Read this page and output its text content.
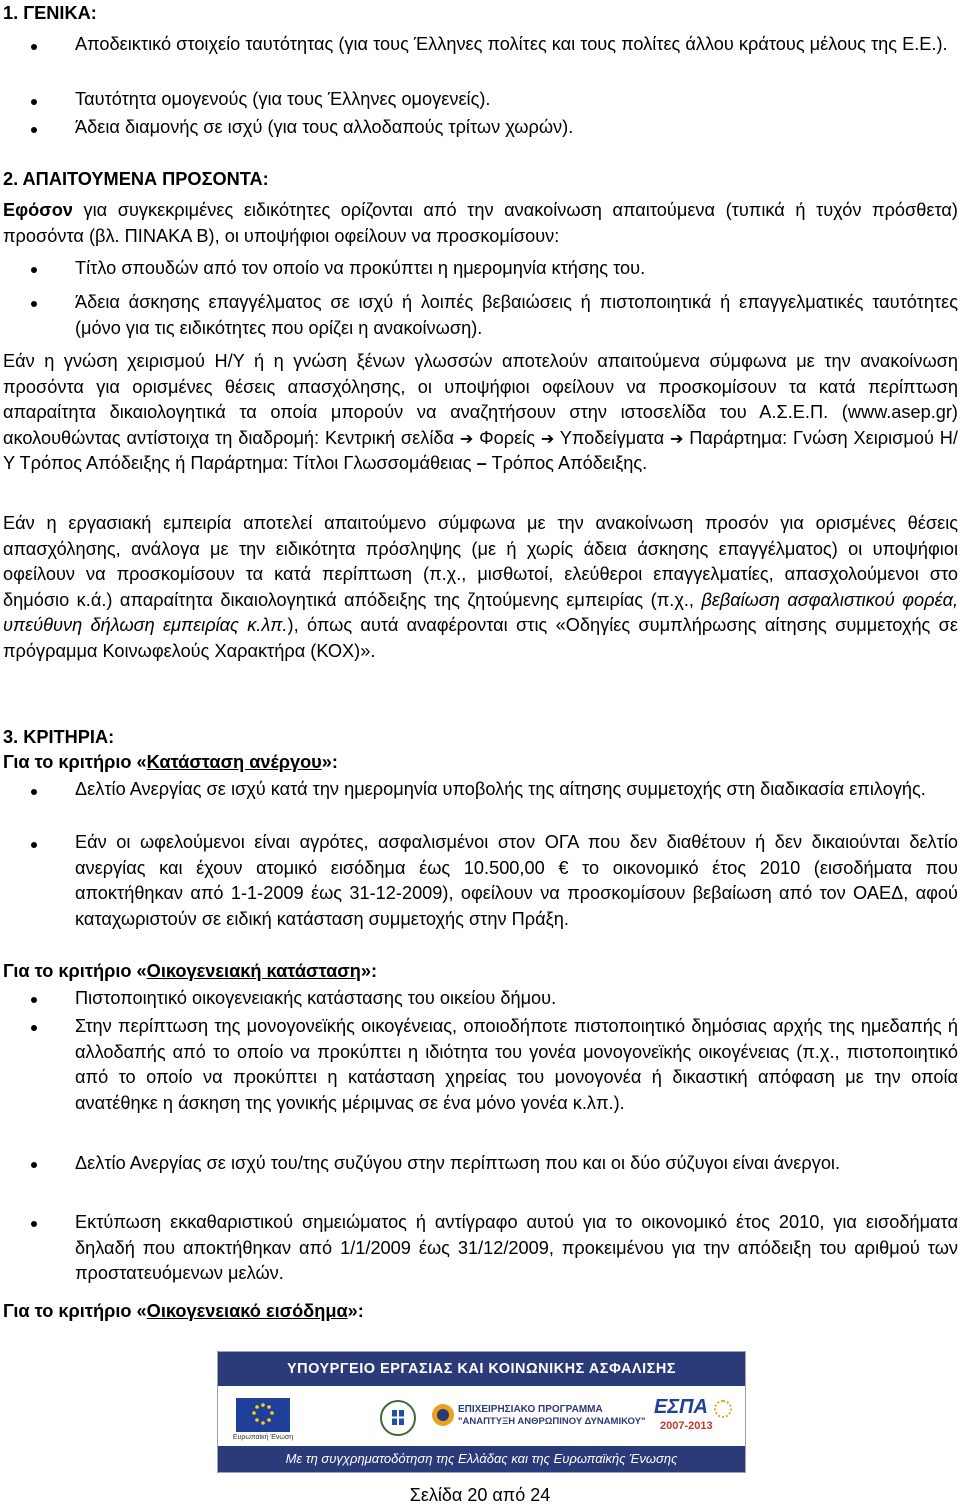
1. ΓΕΝΙΚΑ:
Αποδεικτικό στοιχείο ταυτότητας (για τους Έλληνες πολίτες και τους πολίτες άλλου κράτους μέλους της Ε.Ε.).
Ταυτότητα ομογενούς (για τους Έλληνες ομογενείς).
Άδεια διαμονής σε ισχύ (για τους αλλοδαπούς τρίτων χωρών).
2. ΑΠΑΙΤΟΥΜΕΝΑ ΠΡΟΣΟΝΤΑ:
Εφόσον για συγκεκριμένες ειδικότητες ορίζονται από την ανακοίνωση απαιτούμενα (τυπικά ή τυχόν πρόσθετα) προσόντα (βλ. ΠΙΝΑΚΑ Β), οι υποψήφιοι οφείλουν να προσκομίσουν:
Τίτλο σπουδών από τον οποίο να προκύπτει η ημερομηνία κτήσης του.
Άδεια άσκησης επαγγέλματος σε ισχύ ή λοιπές βεβαιώσεις ή πιστοποιητικά ή επαγγελματικές ταυτότητες (μόνο για τις ειδικότητες που ορίζει η ανακοίνωση).
Εάν η γνώση χειρισμού Η/Υ ή η γνώση ξένων γλωσσών αποτελούν απαιτούμενα σύμφωνα με την ανακοίνωση προσόντα για ορισμένες θέσεις απασχόλησης, οι υποψήφιοι οφείλουν να προσκομίσουν τα κατά περίπτωση απαραίτητα δικαιολογητικά τα οποία μπορούν να αναζητήσουν στην ιστοσελίδα του Α.Σ.Ε.Π. (www.asep.gr) ακολουθώντας αντίστοιχα τη διαδρομή: Κεντρική σελίδα ➔ Φορείς ➔ Υποδείγματα ➔ Παράρτημα: Γνώση Χειρισμού Η/Υ Τρόπος Απόδειξης ή Παράρτημα: Τίτλοι Γλωσσομάθειας – Τρόπος Απόδειξης.
Εάν η εργασιακή εμπειρία αποτελεί απαιτούμενο σύμφωνα με την ανακοίνωση προσόν για ορισμένες θέσεις απασχόλησης, ανάλογα με την ειδικότητα πρόσληψης (με ή χωρίς άδεια άσκησης επαγγέλματος) οι υποψήφιοι οφείλουν να προσκομίσουν τα κατά περίπτωση (π.χ., μισθωτοί, ελεύθεροι επαγγελματίες, απασχολούμενοι στο δημόσιο κ.ά.) απαραίτητα δικαιολογητικά απόδειξης της ζητούμενης εμπειρίας (π.χ., βεβαίωση ασφαλιστικού φορέα, υπεύθυνη δήλωση εμπειρίας κ.λπ.), όπως αυτά αναφέρονται στις «Οδηγίες συμπλήρωσης αίτησης συμμετοχής σε πρόγραμμα Κοινωφελούς Χαρακτήρα (ΚΟΧ)».
3. ΚΡΙΤΗΡΙΑ:
Για το κριτήριο «Κατάσταση ανέργου»:
Δελτίο Ανεργίας σε ισχύ κατά την ημερομηνία υποβολής της αίτησης συμμετοχής στη διαδικασία επιλογής.
Εάν οι ωφελούμενοι είναι αγρότες, ασφαλισμένοι στον ΟΓΑ που δεν διαθέτουν ή δεν δικαιούνται δελτίο ανεργίας και έχουν ατομικό εισόδημα έως 10.500,00 € το οικονομικό έτος 2010 (εισοδήματα που αποκτήθηκαν από 1-1-2009 έως 31-12-2009), οφείλουν να προσκομίσουν βεβαίωση από τον ΟΑΕΔ, αφού καταχωριστούν σε ειδική κατάσταση συμμετοχής στην Πράξη.
Για το κριτήριο «Οικογενειακή κατάσταση»:
Πιστοποιητικό οικογενειακής κατάστασης του οικείου δήμου.
Στην περίπτωση της μονογονεϊκής οικογένειας, οποιοδήποτε πιστοποιητικό δημόσιας αρχής της ημεδαπής ή αλλοδαπής από το οποίο να προκύπτει η ιδιότητα του γονέα μονογονεϊκής οικογένειας (π.χ., πιστοποιητικό από το οποίο να προκύπτει η κατάσταση χηρείας του μονογονέα ή δικαστική απόφαση με την οποία ανατέθηκε η άσκηση της γονικής μέριμνας σε ένα μόνο γονέα κ.λπ.).
Δελτίο Ανεργίας σε ισχύ του/της συζύγου στην περίπτωση που και οι δύο σύζυγοι είναι άνεργοι.
Εκτύπωση εκκαθαριστικού σημειώματος ή αντίγραφο αυτού για το οικονομικό έτος 2010, για εισοδήματα δηλαδή που αποκτήθηκαν από 1/1/2009 έως 31/12/2009, προκειμένου για την απόδειξη του αριθμού των προστατευόμενων μελών.
Για το κριτήριο «Οικογενειακό εισόδημα»:
ΥΠΟΥΡΓΕΙΟ ΕΡΓΑΣΙΑΣ ΚΑΙ ΚΟΙΝΩΝΙΚΗΣ ΑΣΦΑΛΙΣΗΣ
Ευρωπαϊκή Ένωση
ΕΠΙΧΕΙΡΗΣΙΑΚΟ ΠΡΟΓΡΑΜΜΑ
"ΑΝΑΠΤΥΞΗ ΑΝΘΡΩΠΙΝΟΥ ΔΥΝΑΜΙΚΟΥ"
ΕΣΠΑ
2007-2013
Με τη συγχρηματοδότηση της Ελλάδας και της Ευρωπαϊκής Ένωσης
Σελίδα 20 από 24
